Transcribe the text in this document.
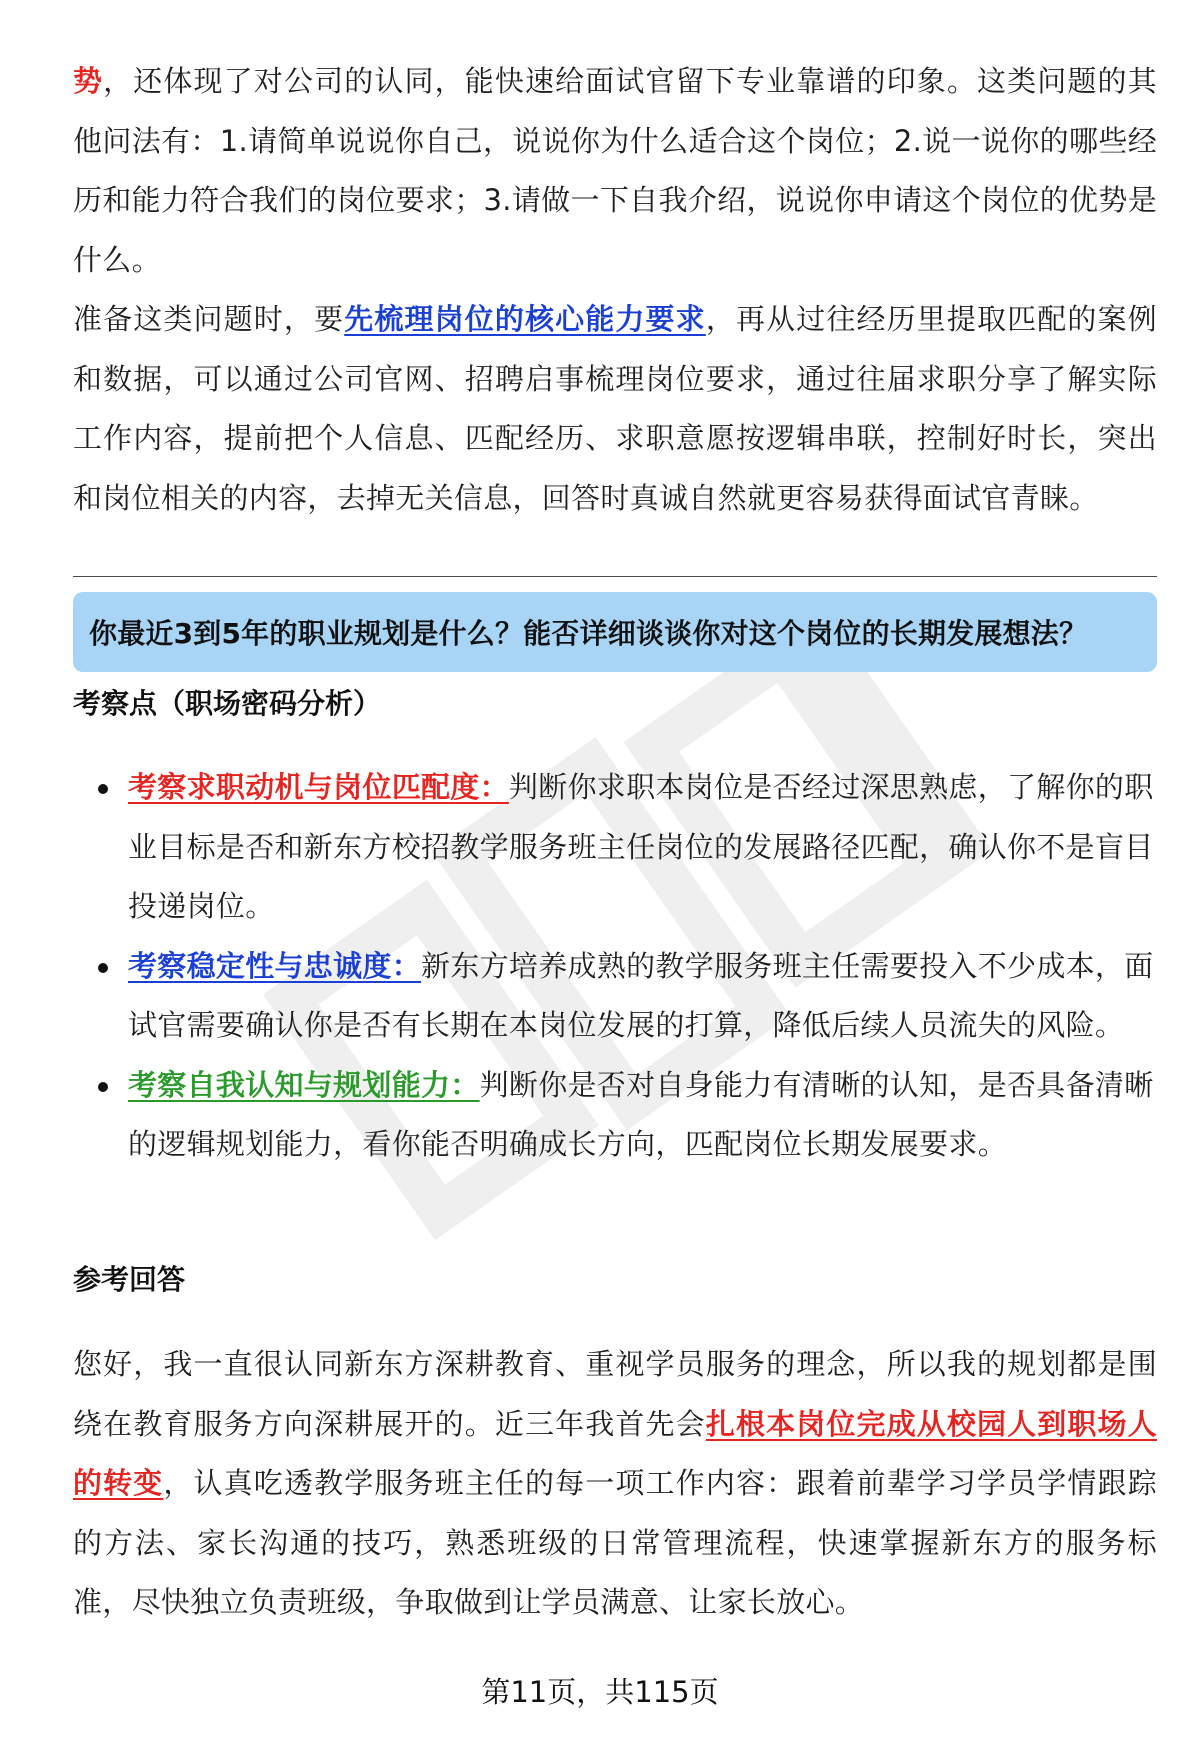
势，还体现了对公司的认同，能快速给面试官留下专业靠谱的印象。这类问题的其他问法有：1.请简单说说你自己，说说你为什么适合这个岗位；2.说一说你的哪些经历和能力符合我们的岗位要求；3.请做一下自我介绍，说说你申请这个岗位的优势是什么。

准备这类问题时，要先梳理岗位的核心能力要求，再从过往经历里提取匹配的案例和数据，可以通过公司官网、招聘启事梳理岗位要求，通过往届求职分享了解实际工作内容，提前把个人信息、匹配经历、求职意愿按逻辑串联，控制好时长，突出和岗位相关的内容，去掉无关信息，回答时真诚自然就更容易获得面试官青睐。

你最近3到5年的职业规划是什么？能否详细谈谈你对这个岗位的长期发展想法？
考察点（职场密码分析）
考察求职动机与岗位匹配度：判断你求职本岗位是否经过深思熟虑，了解你的职业目标是否和新东方校招教学服务班主任岗位的发展路径匹配，确认你不是盲目投递岗位。
考察稳定性与忠诚度：新东方培养成熟的教学服务班主任需要投入不少成本，面试官需要确认你是否有长期在本岗位发展的打算，降低后续人员流失的风险。
考察自我认知与规划能力：判断你是否对自身能力有清晰的认知，是否具备清晰的逻辑规划能力，看你能否明确成长方向，匹配岗位长期发展要求。
参考回答

您好，我一直很认同新东方深耕教育、重视学员服务的理念，所以我的规划都是围绕在教育服务方向深耕展开的。近三年我首先会扎根本岗位完成从校园人到职场人的转变，认真吃透教学服务班主任的每一项工作内容：跟着前辈学习学员学情跟踪的方法、家长沟通的技巧，熟悉班级的日常管理流程，快速掌握新东方的服务标准，尽快独立负责班级，争取做到让学员满意、让家长放心。

第11页，共115页
